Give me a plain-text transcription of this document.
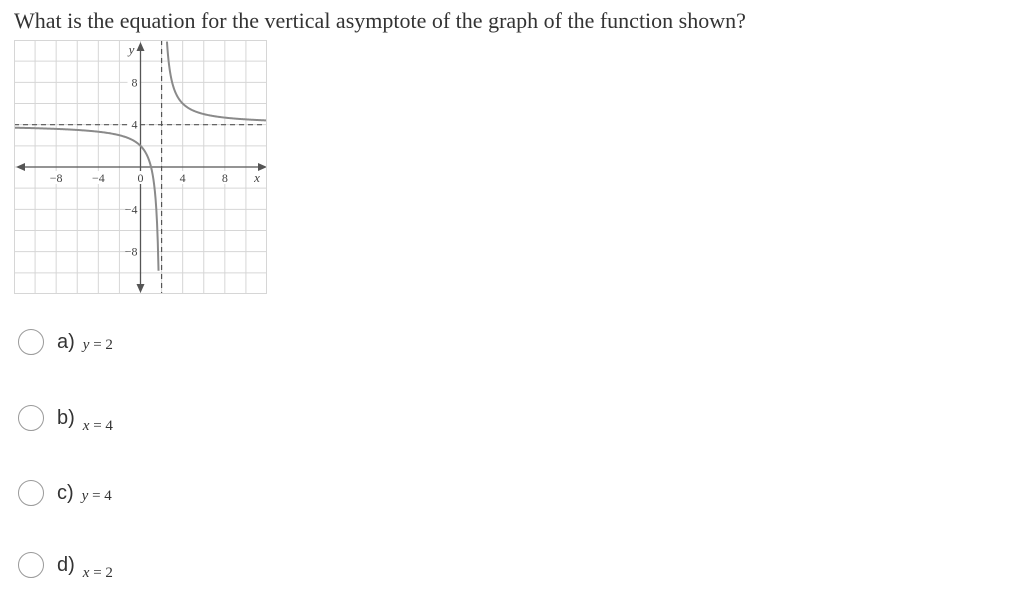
What is the equation for the vertical asymptote of the graph of the function shown?
−8 −4	0	4	8
8
4
−4
−8
x
y
a) y = 2
b) x = 4
c) y = 4
d) x = 2
